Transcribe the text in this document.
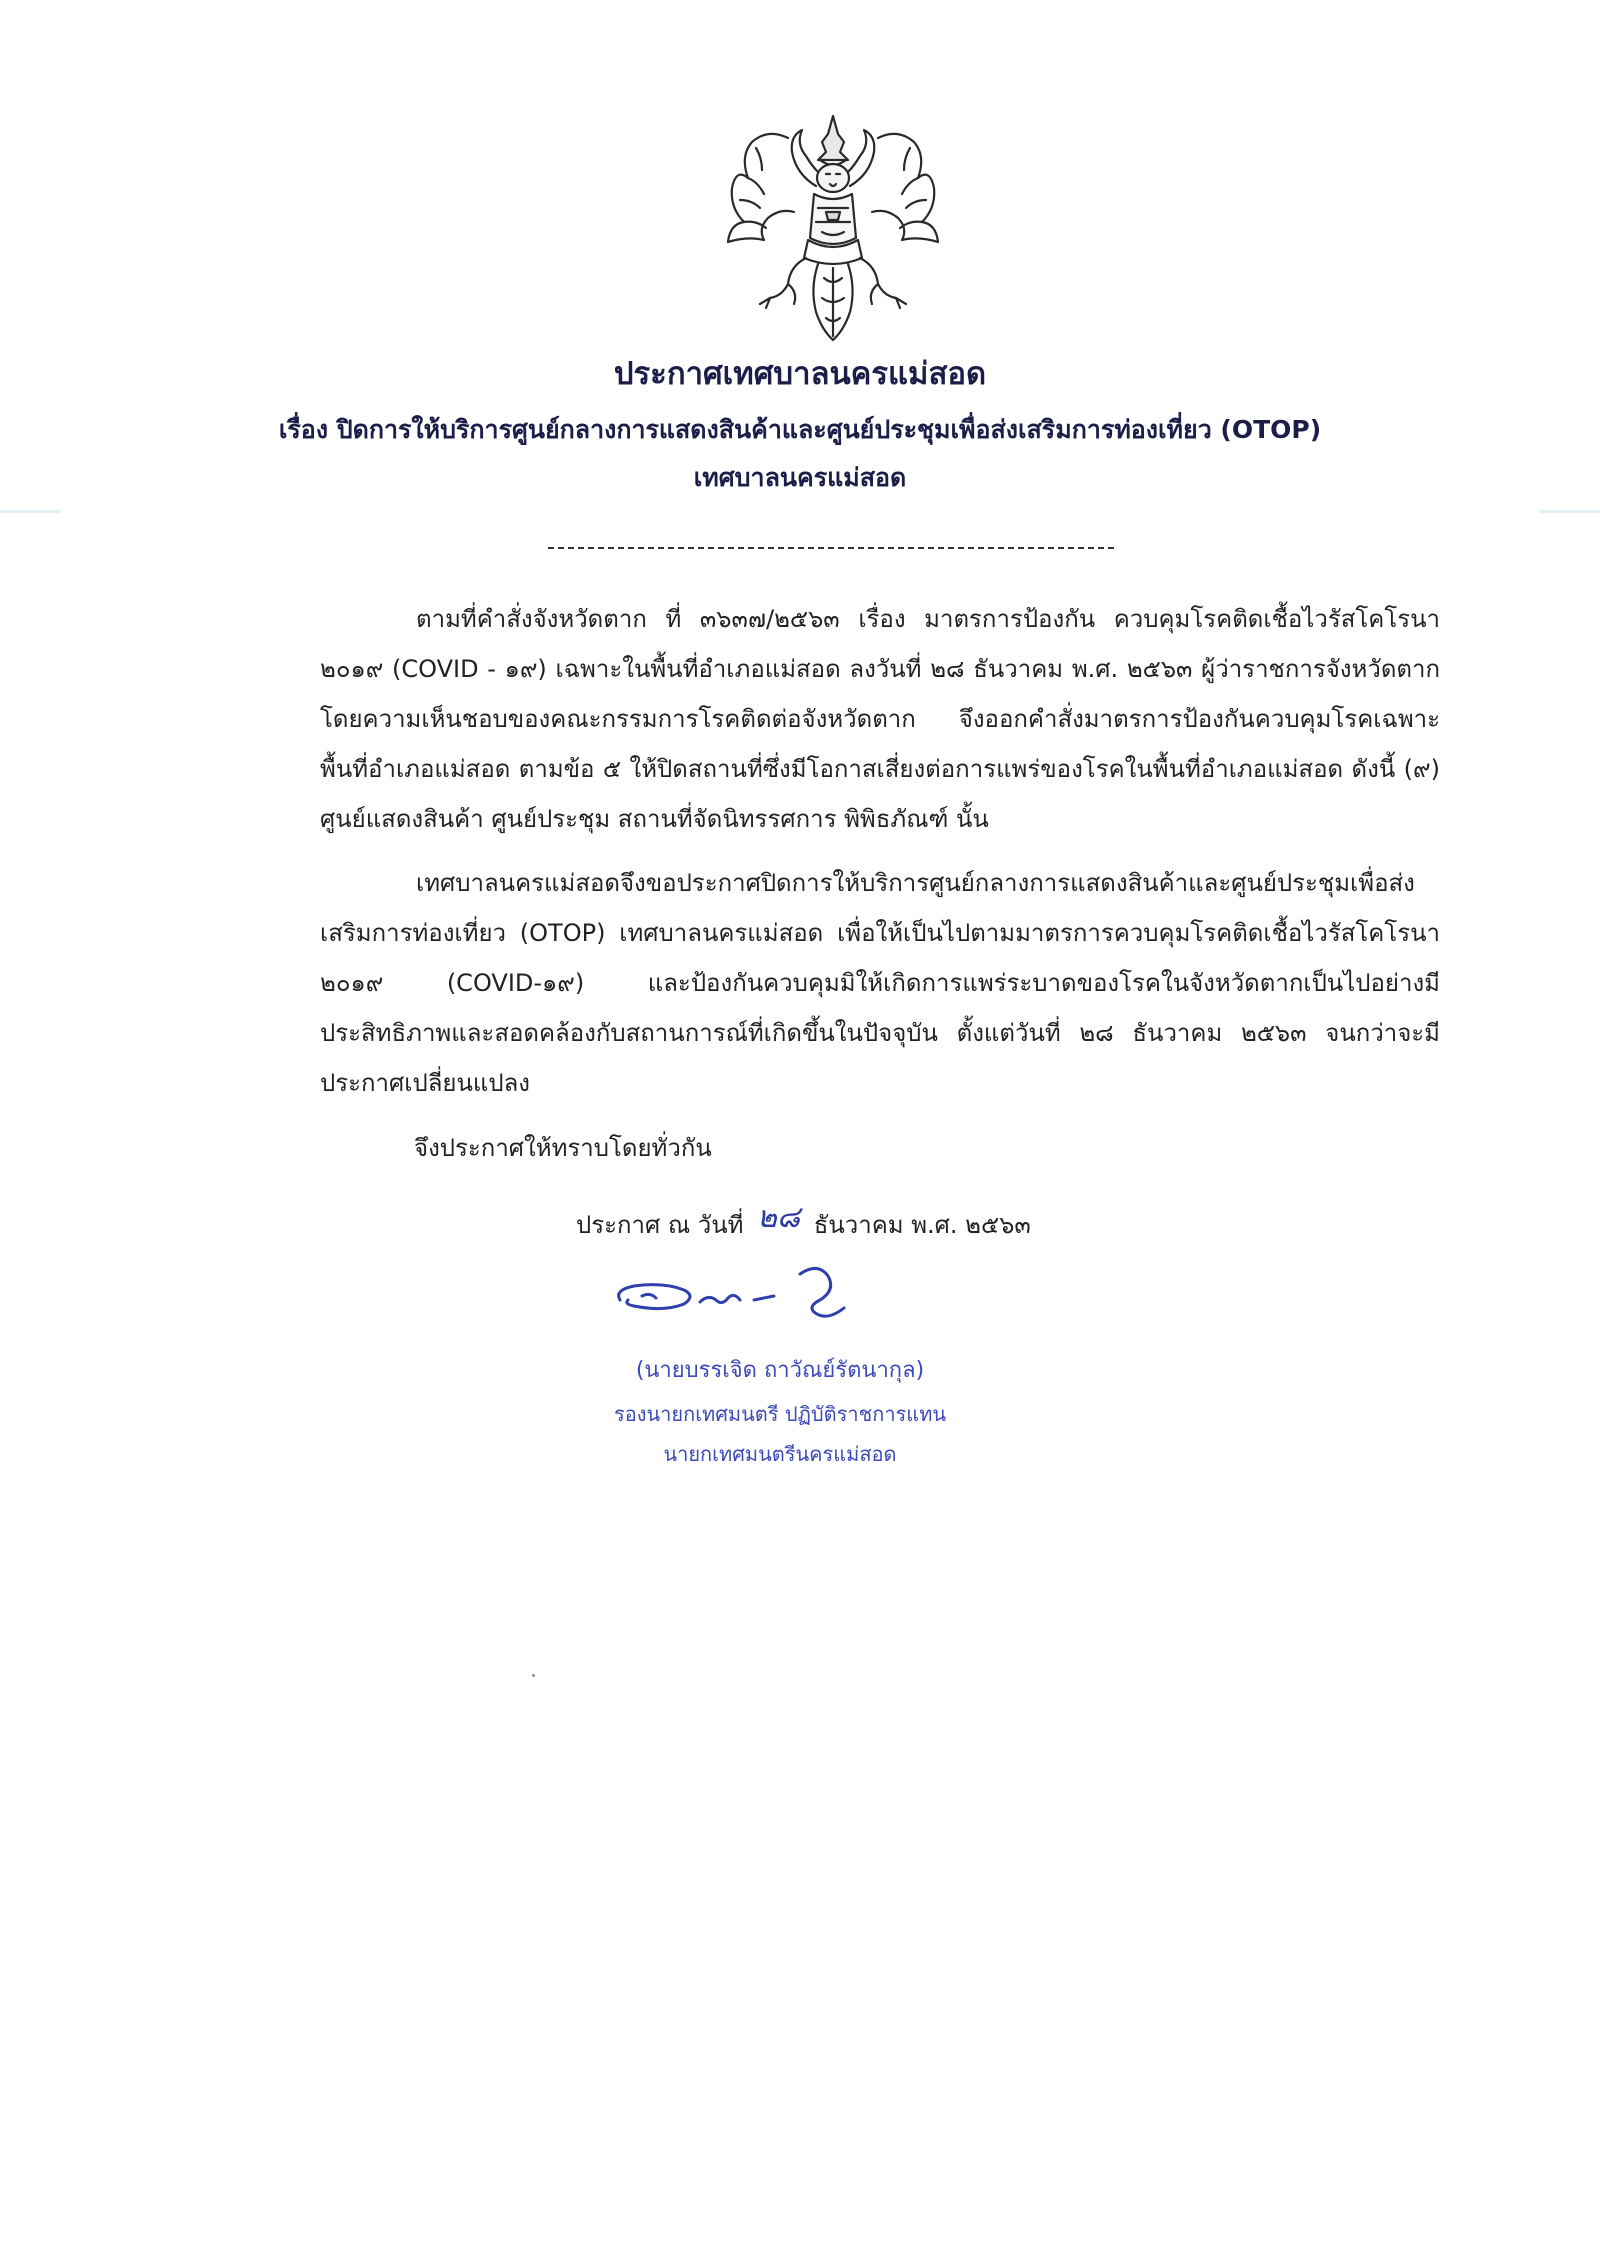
ประกาศเทศบาลนครแม่สอด
เรื่อง ปิดการให้บริการศูนย์กลางการแสดงสินค้าและศูนย์ประชุมเพื่อส่งเสริมการท่องเที่ยว (OTOP)
เทศบาลนครแม่สอด
ตามที่คำสั่งจังหวัดตาก ที่ ๓๖๓๗/๒๕๖๓ เรื่อง มาตรการป้องกัน ควบคุมโรคติดเชื้อไวรัสโคโรนา ๒๐๑๙ (COVID - ๑๙) เฉพาะในพื้นที่อำเภอแม่สอด ลงวันที่ ๒๘ ธันวาคม พ.ศ. ๒๕๖๓ ผู้ว่าราชการจังหวัดตากโดยความเห็นชอบของคณะกรรมการโรคติดต่อจังหวัดตาก จึงออกคำสั่งมาตรการป้องกันควบคุมโรคเฉพาะพื้นที่อำเภอแม่สอด ตามข้อ ๕ ให้ปิดสถานที่ซึ่งมีโอกาสเสี่ยงต่อการแพร่ของโรคในพื้นที่อำเภอแม่สอด ดังนี้ (๙) ศูนย์แสดงสินค้า ศูนย์ประชุม สถานที่จัดนิทรรศการ พิพิธภัณฑ์ นั้น
เทศบาลนครแม่สอดจึงขอประกาศปิดการให้บริการศูนย์กลางการแสดงสินค้าและศูนย์ประชุมเพื่อส่งเสริมการท่องเที่ยว (OTOP) เทศบาลนครแม่สอด เพื่อให้เป็นไปตามมาตรการควบคุมโรคติดเชื้อไวรัสโคโรนา ๒๐๑๙ (COVID-๑๙) และป้องกันควบคุมมิให้เกิดการแพร่ระบาดของโรคในจังหวัดตากเป็นไปอย่างมีประสิทธิภาพและสอดคล้องกับสถานการณ์ที่เกิดขึ้นในปัจจุบัน ตั้งแต่วันที่ ๒๘ ธันวาคม ๒๕๖๓ จนกว่าจะมีประกาศเปลี่ยนแปลง
จึงประกาศให้ทราบโดยทั่วกัน
ประกาศ ณ วันที่ ๒๘ ธันวาคม พ.ศ. ๒๕๖๓
(นายบรรเจิด ถาวัณย์รัตนากุล)
รองนายกเทศมนตรี ปฏิบัติราชการแทน
นายกเทศมนตรีนครแม่สอด
